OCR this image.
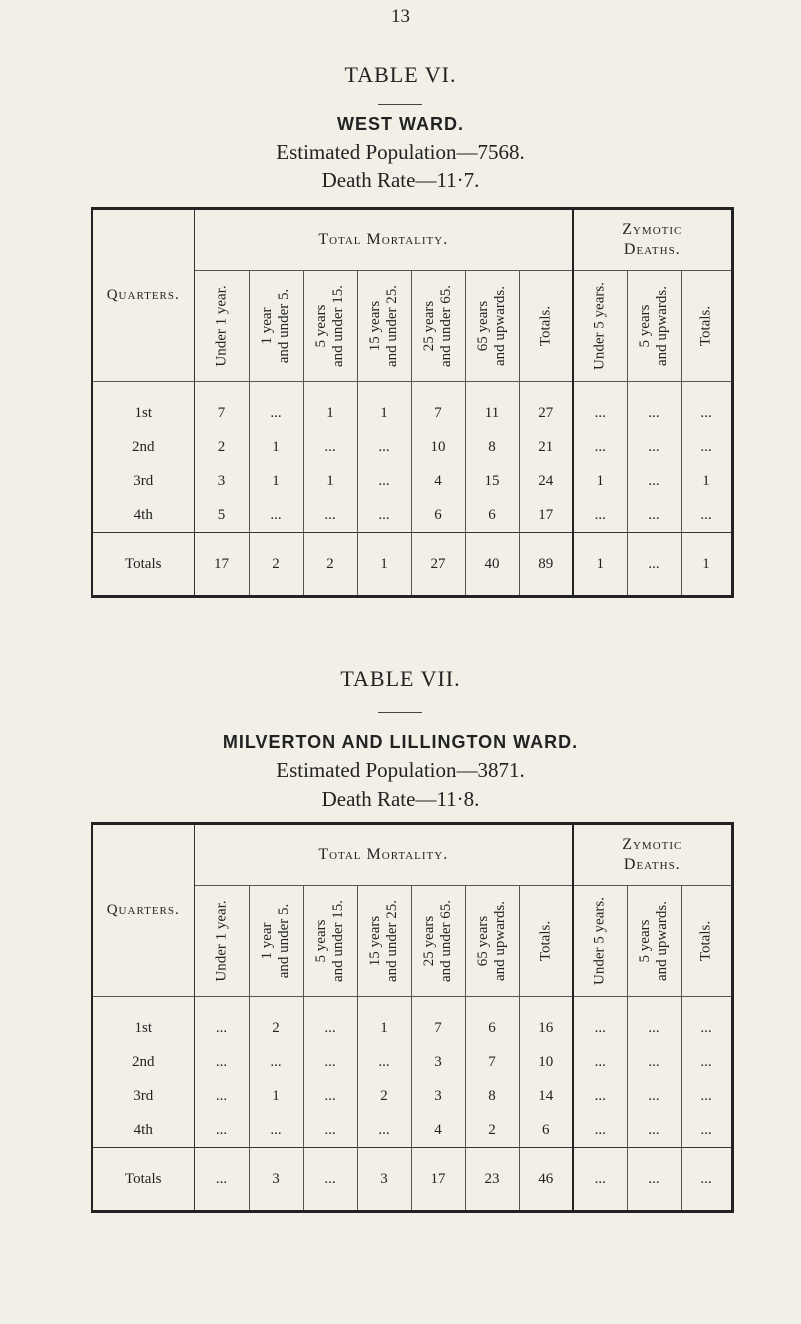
13
TABLE VI.
WEST WARD.
Estimated Population—7568.
Death Rate—11·7.
Quarters.	Total Mortality.							Zymotic
Deaths.		

	Under 1 year.	1 year
and under 5.	5 years
and under 15.	15 years
and under 25.	25 years
and under 65.	65 years
and upwards.	Totals.	Under 5 years.	5 years
and upwards.	Totals.

1st	7	...	1	1	7	11	27	...	...	...
2nd	2	1	...	...	10	8	21	...	...	...
3rd	3	1	1	...	4	15	24	1	...	1
4th	5	...	...	...	6	6	17	...	...	...
Totals	17	2	2	1	27	40	89	1	...	1
TABLE VII.
MILVERTON AND LILLINGTON WARD.
Estimated Population—3871.
Death Rate—11·8.
Quarters.	Total Mortality.							Zymotic
Deaths.		

	Under 1 year.	1 year
and under 5.	5 years
and under 15.	15 years
and under 25.	25 years
and under 65.	65 years
and upwards.	Totals.	Under 5 years.	5 years
and upwards.	Totals.

1st	...	2	...	1	7	6	16	...	...	...
2nd	...	...	...	...	3	7	10	...	...	...
3rd	...	1	...	2	3	8	14	...	...	...
4th	...	...	...	...	4	2	6	...	...	...
Totals	...	3	...	3	17	23	46	...	...	...
